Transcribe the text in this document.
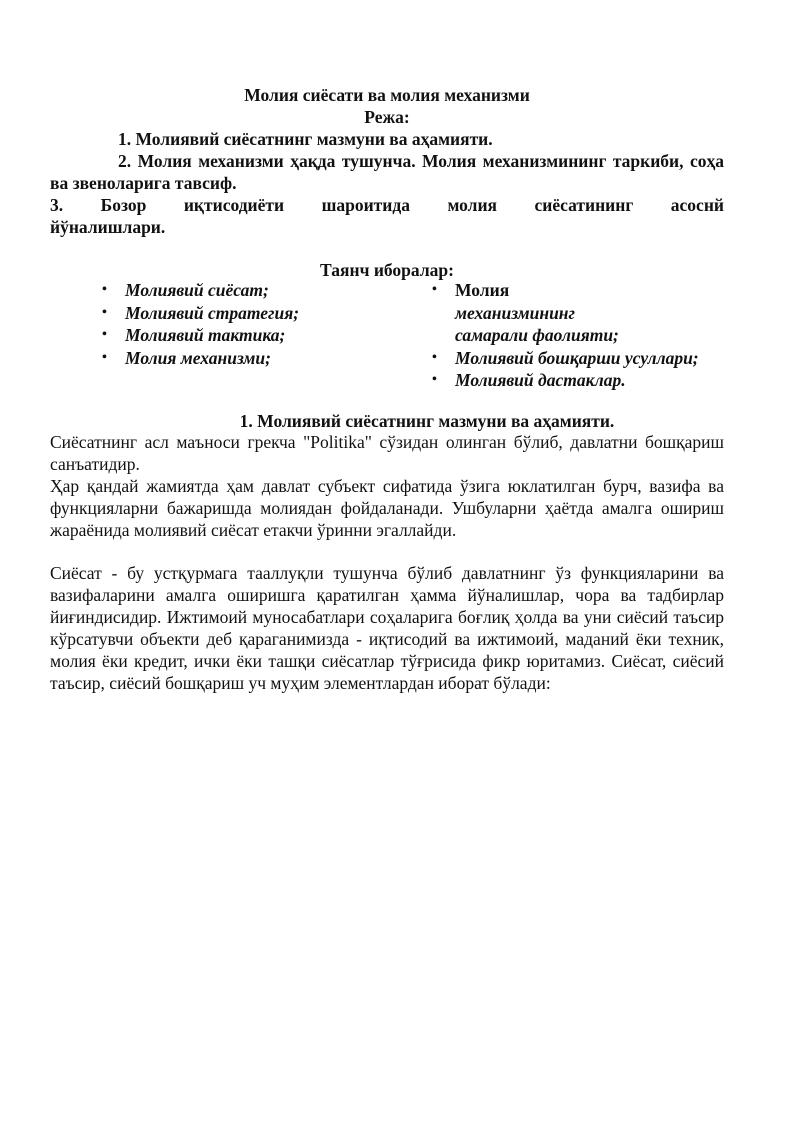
Молия сиёсати ва молия механизми
Режа:
1. Молиявий сиёсатнинг мазмуни ва аҳамияти.
2. Молия механизми ҳақда тушунча. Молия механизмининг таркиби, соҳа ва звеноларига тавсиф.
3. Бозор иқтисодиёти шароитида молия сиёсатининг асоснй
йўналишлари.
Таянч иборалар:
• Молиявий сиёсат;
• Молиявий стратегия;
• Молиявий тактика;
• Молия механизми;
• Молия
механизмининг
самарали фаолияти;
• Молиявий бошқарши усуллари;
• Молиявий дастаклар.
1. Молиявий сиёсатнинг мазмуни ва аҳамияти.

Сиёсатнинг асл маъноси грекча "Politika" сўзидан олинган бўлиб, давлатни бошқариш санъатидир.

Ҳар қандай жамиятда ҳам давлат субъект сифатида ўзига юклатилган бурч, вазифа ва функцияларни бажаришда молиядан фойдаланади. Ушбуларни ҳаётда амалга ошириш жараёнида молиявий сиёсат етакчи ўринни эгаллайди.

Сиёсат - бу устқурмага тааллуқли тушунча бўлиб давлатнинг ўз функцияларини ва вазифаларини амалга оширишга қаратилган ҳамма йўналишлар, чора ва тадбирлар йиғиндисидир. Ижтимоий муносабатлари соҳаларига боғлиқ ҳолда ва уни сиёсий таъсир кўрсатувчи объекти деб қараганимизда - иқтисодий ва ижтимоий, маданий ёки техник, молия ёки кредит, ички ёки ташқи сиёсатлар тўғрисида фикр юритамиз. Сиёсат, сиёсий таъсир, сиёсий бошқариш уч муҳим элементлардан иборат бўлади:
